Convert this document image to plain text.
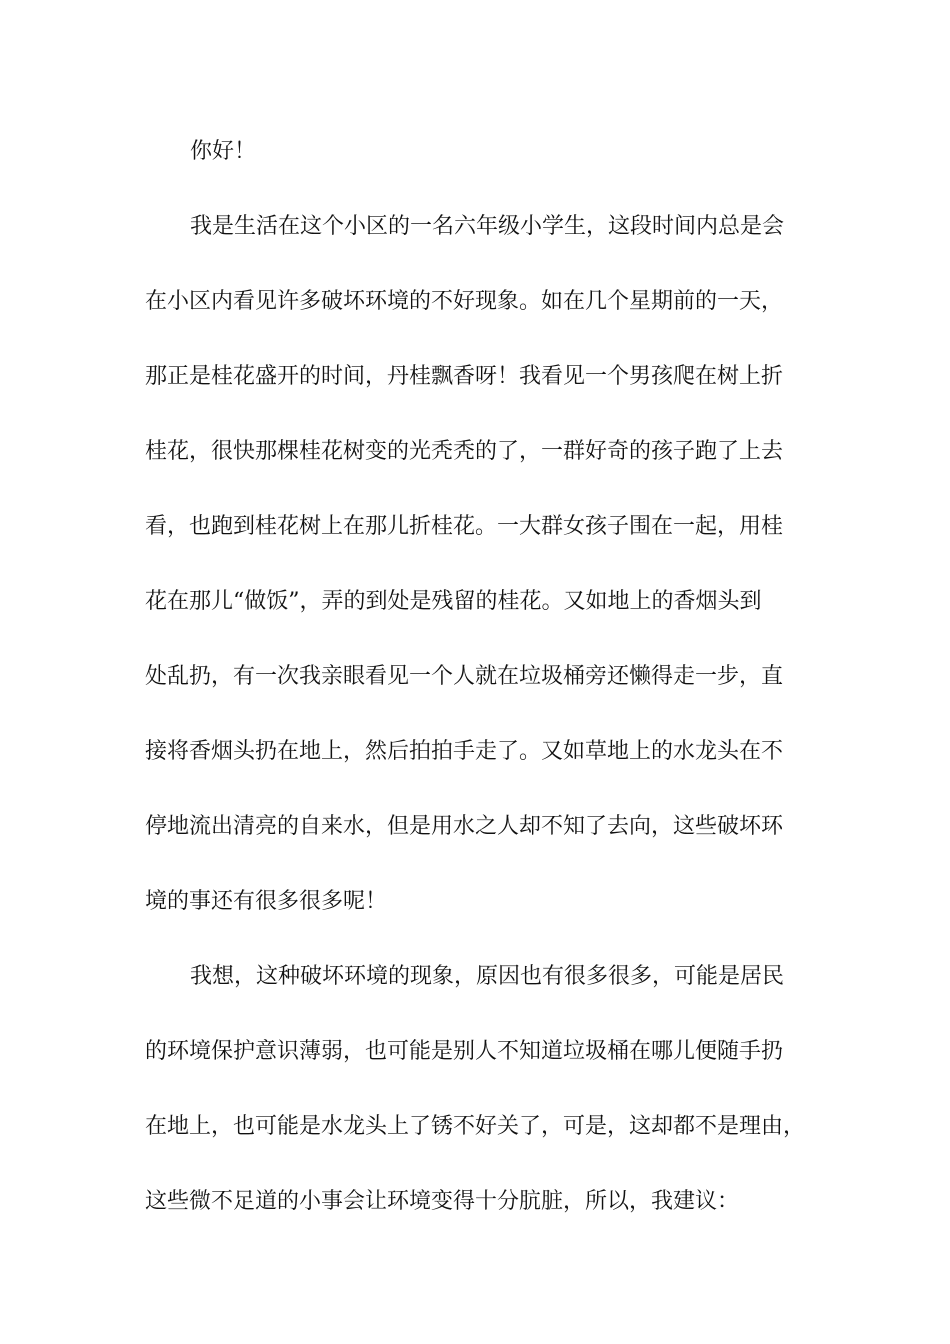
你好！
我是生活在这个小区的一名六年级小学生，这段时间内总是会
在小区内看见许多破坏环境的不好现象。如在几个星期前的一天，
那正是桂花盛开的时间，丹桂飘香呀！我看见一个男孩爬在树上折
桂花，很快那棵桂花树变的光秃秃的了，一群好奇的孩子跑了上去
看，也跑到桂花树上在那儿折桂花。一大群女孩子围在一起，用桂
花在那儿“做饭”，弄的到处是残留的桂花。又如地上的香烟头到
处乱扔，有一次我亲眼看见一个人就在垃圾桶旁还懒得走一步，直
接将香烟头扔在地上，然后拍拍手走了。又如草地上的水龙头在不
停地流出清亮的自来水，但是用水之人却不知了去向，这些破坏环
境的事还有很多很多呢！
我想，这种破坏环境的现象，原因也有很多很多，可能是居民
的环境保护意识薄弱，也可能是别人不知道垃圾桶在哪儿便随手扔
在地上，也可能是水龙头上了锈不好关了，可是，这却都不是理由，
这些微不足道的小事会让环境变得十分肮脏，所以，我建议：
